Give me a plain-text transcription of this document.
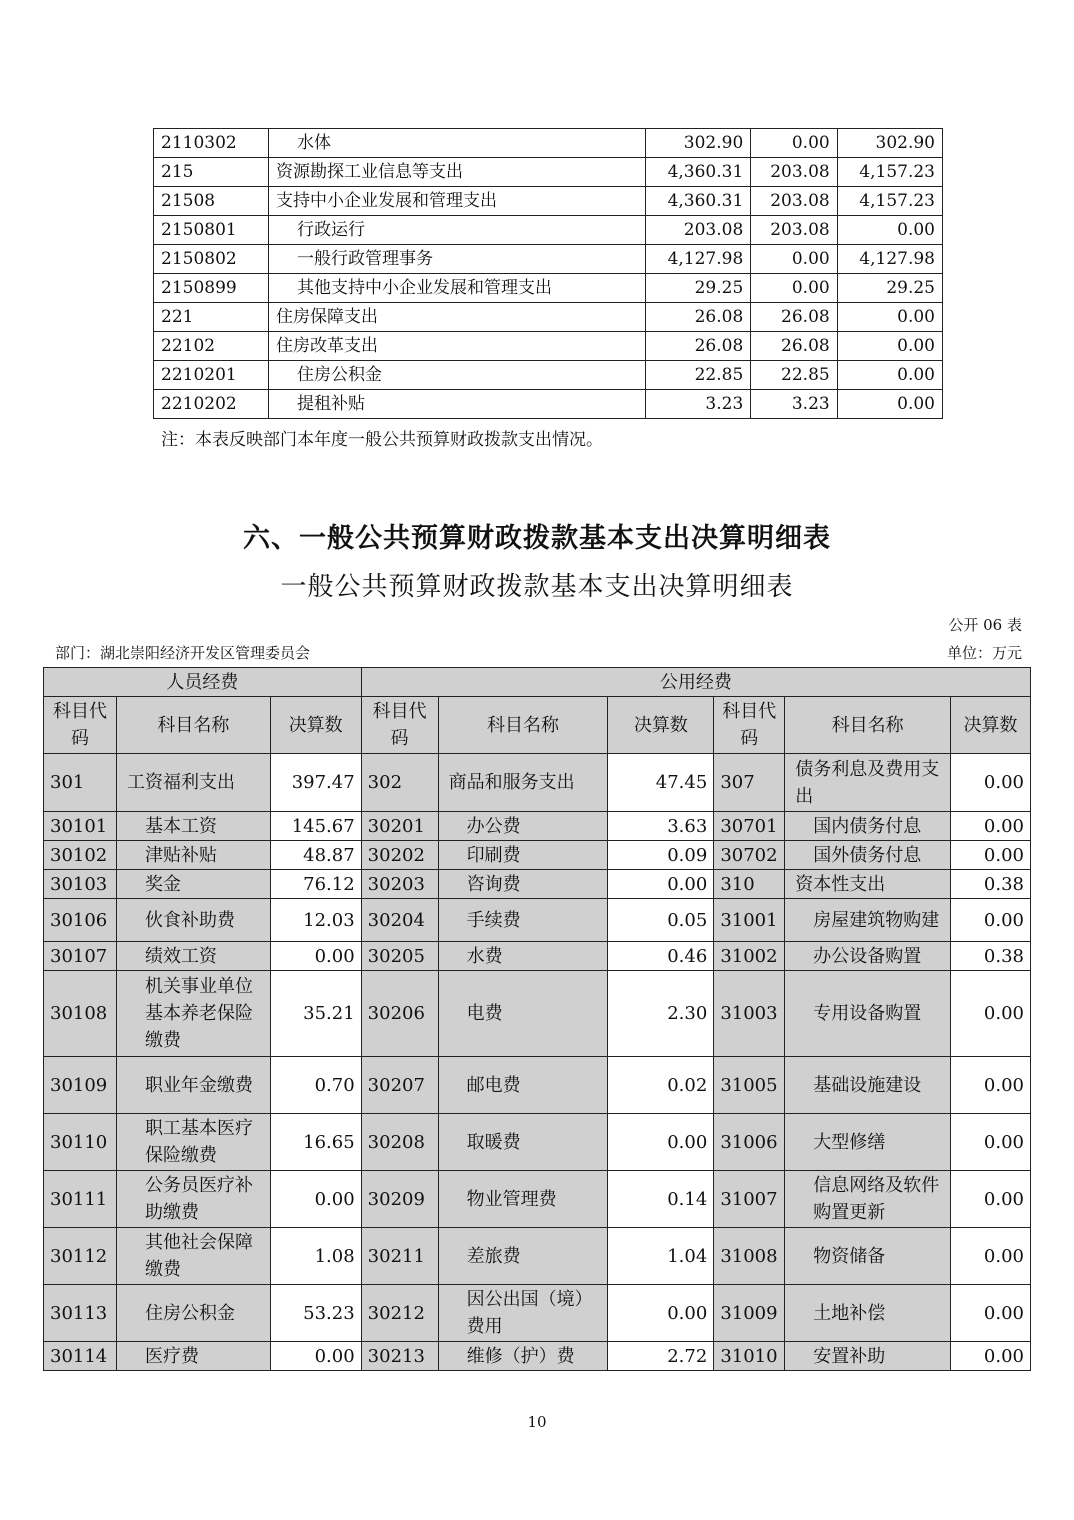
2110302	水体	302.90	0.00	302.90
215	资源勘探工业信息等支出	4,360.31	203.08	4,157.23
21508	支持中小企业发展和管理支出	4,360.31	203.08	4,157.23
2150801	行政运行	203.08	203.08	0.00
2150802	一般行政管理事务	4,127.98	0.00	4,127.98
2150899	其他支持中小企业发展和管理支出	29.25	0.00	29.25
221	住房保障支出	26.08	26.08	0.00
22102	住房改革支出	26.08	26.08	0.00
2210201	住房公积金	22.85	22.85	0.00
2210202	提租补贴	3.23	3.23	0.00
注：本表反映部门本年度一般公共预算财政拨款支出情况。
六、一般公共预算财政拨款基本支出决算明细表
一般公共预算财政拨款基本支出决算明细表
公开 06 表
部门：湖北崇阳经济开发区管理委员会	单位：万元
人员经费			公用经费					
科目代码	科目名称	决算数	科目代码	科目名称	决算数	科目代码	科目名称	决算数
301	工资福利支出	397.47	302	商品和服务支出	47.45	307	债务利息及费用支出	0.00
30101	基本工资	145.67	30201	办公费	3.63	30701	国内债务付息	0.00
30102	津贴补贴	48.87	30202	印刷费	0.09	30702	国外债务付息	0.00
30103	奖金	76.12	30203	咨询费	0.00	310	资本性支出	0.38
30106	伙食补助费	12.03	30204	手续费	0.05	31001	房屋建筑物购建	0.00
30107	绩效工资	0.00	30205	水费	0.46	31002	办公设备购置	0.38
30108	机关事业单位基本养老保险缴费	35.21	30206	电费	2.30	31003	专用设备购置	0.00
30109	职业年金缴费	0.70	30207	邮电费	0.02	31005	基础设施建设	0.00
30110	职工基本医疗保险缴费	16.65	30208	取暖费	0.00	31006	大型修缮	0.00
30111	公务员医疗补助缴费	0.00	30209	物业管理费	0.14	31007	信息网络及软件购置更新	0.00
30112	其他社会保障缴费	1.08	30211	差旅费	1.04	31008	物资储备	0.00
30113	住房公积金	53.23	30212	因公出国（境）费用	0.00	31009	土地补偿	0.00
30114	医疗费	0.00	30213	维修（护）费	2.72	31010	安置补助	0.00
10
